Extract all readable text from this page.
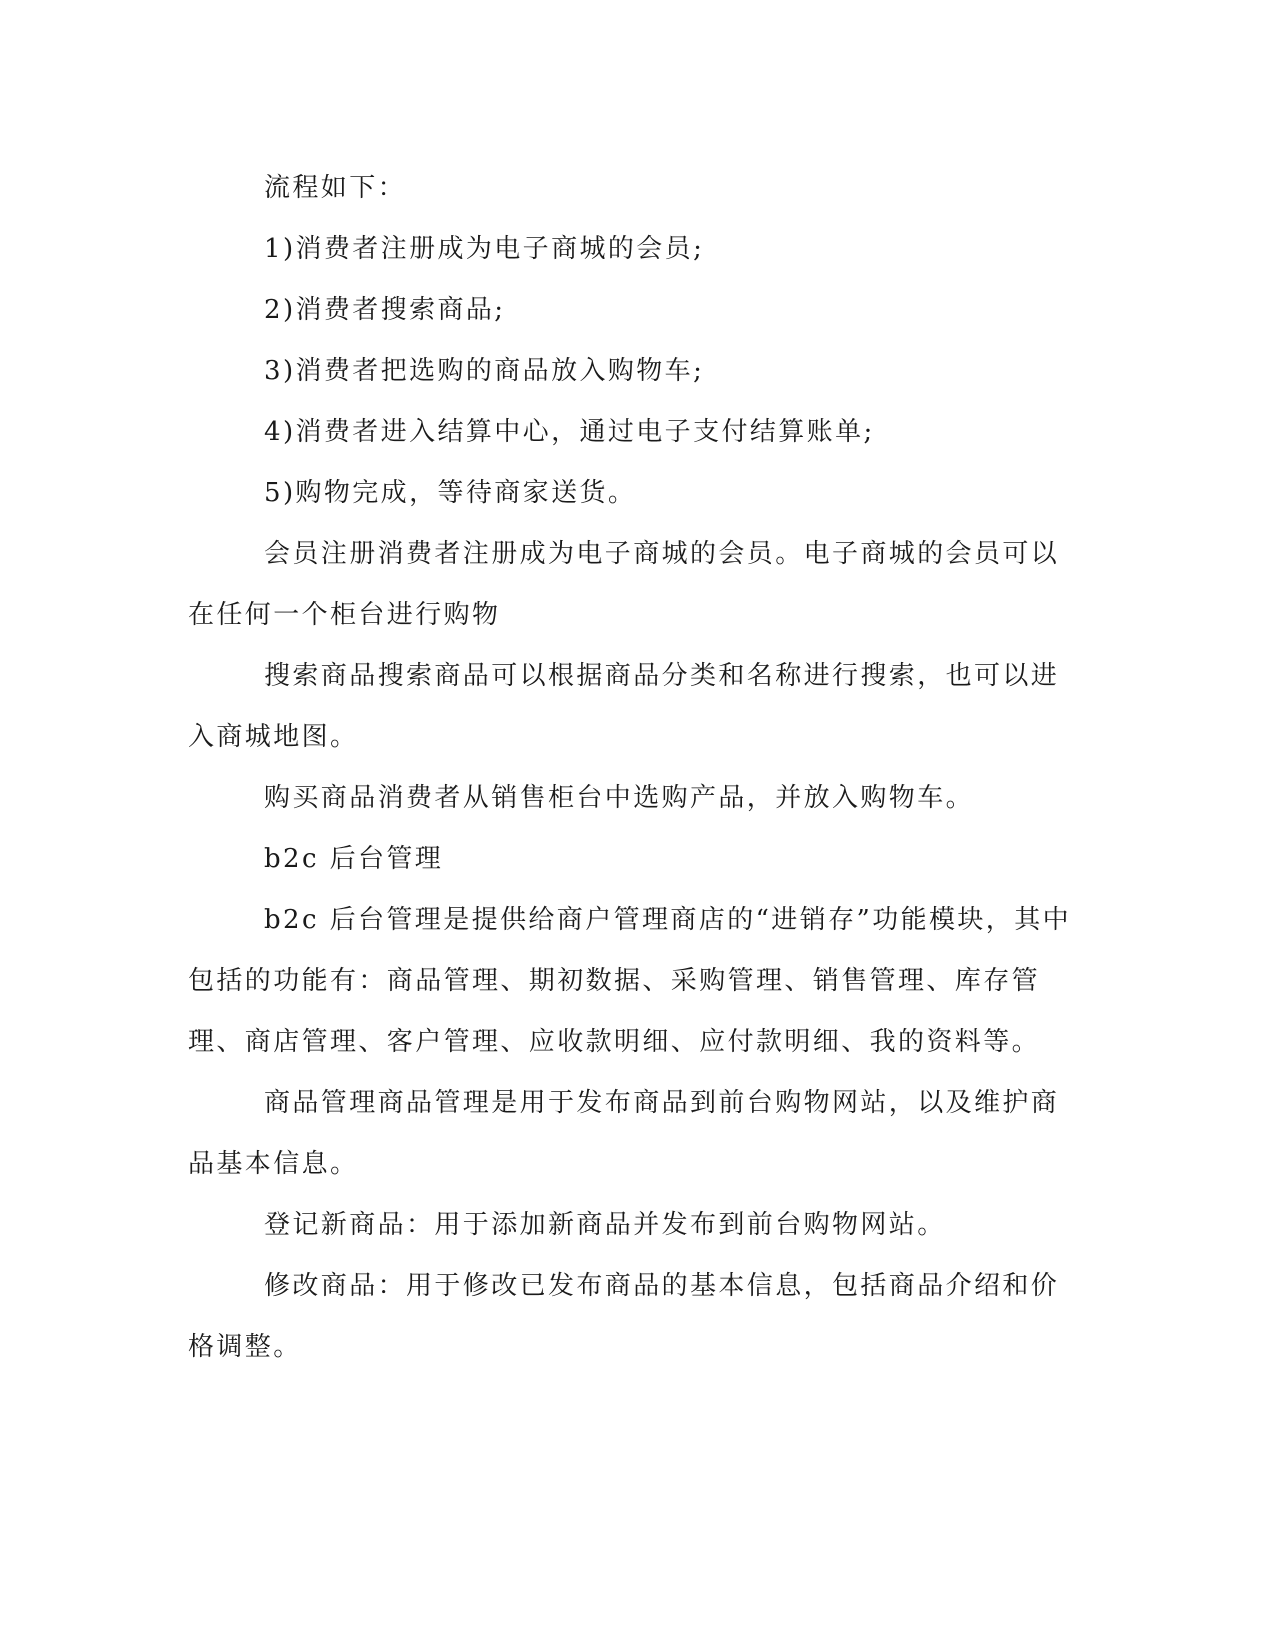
流程如下：

1)消费者注册成为电子商城的会员;

2)消费者搜索商品;

3)消费者把选购的商品放入购物车;

4)消费者进入结算中心，通过电子支付结算账单;

5)购物完成，等待商家送货。

会员注册消费者注册成为电子商城的会员。电子商城的会员可以在任何一个柜台进行购物

搜索商品搜索商品可以根据商品分类和名称进行搜索，也可以进入商城地图。

购买商品消费者从销售柜台中选购产品，并放入购物车。

b2c 后台管理

b2c 后台管理是提供给商户管理商店的“进销存”功能模块，其中包括的功能有：商品管理、期初数据、采购管理、销售管理、库存管理、商店管理、客户管理、应收款明细、应付款明细、我的资料等。

商品管理商品管理是用于发布商品到前台购物网站，以及维护商品基本信息。

登记新商品：用于添加新商品并发布到前台购物网站。

修改商品：用于修改已发布商品的基本信息，包括商品介绍和价格调整。
